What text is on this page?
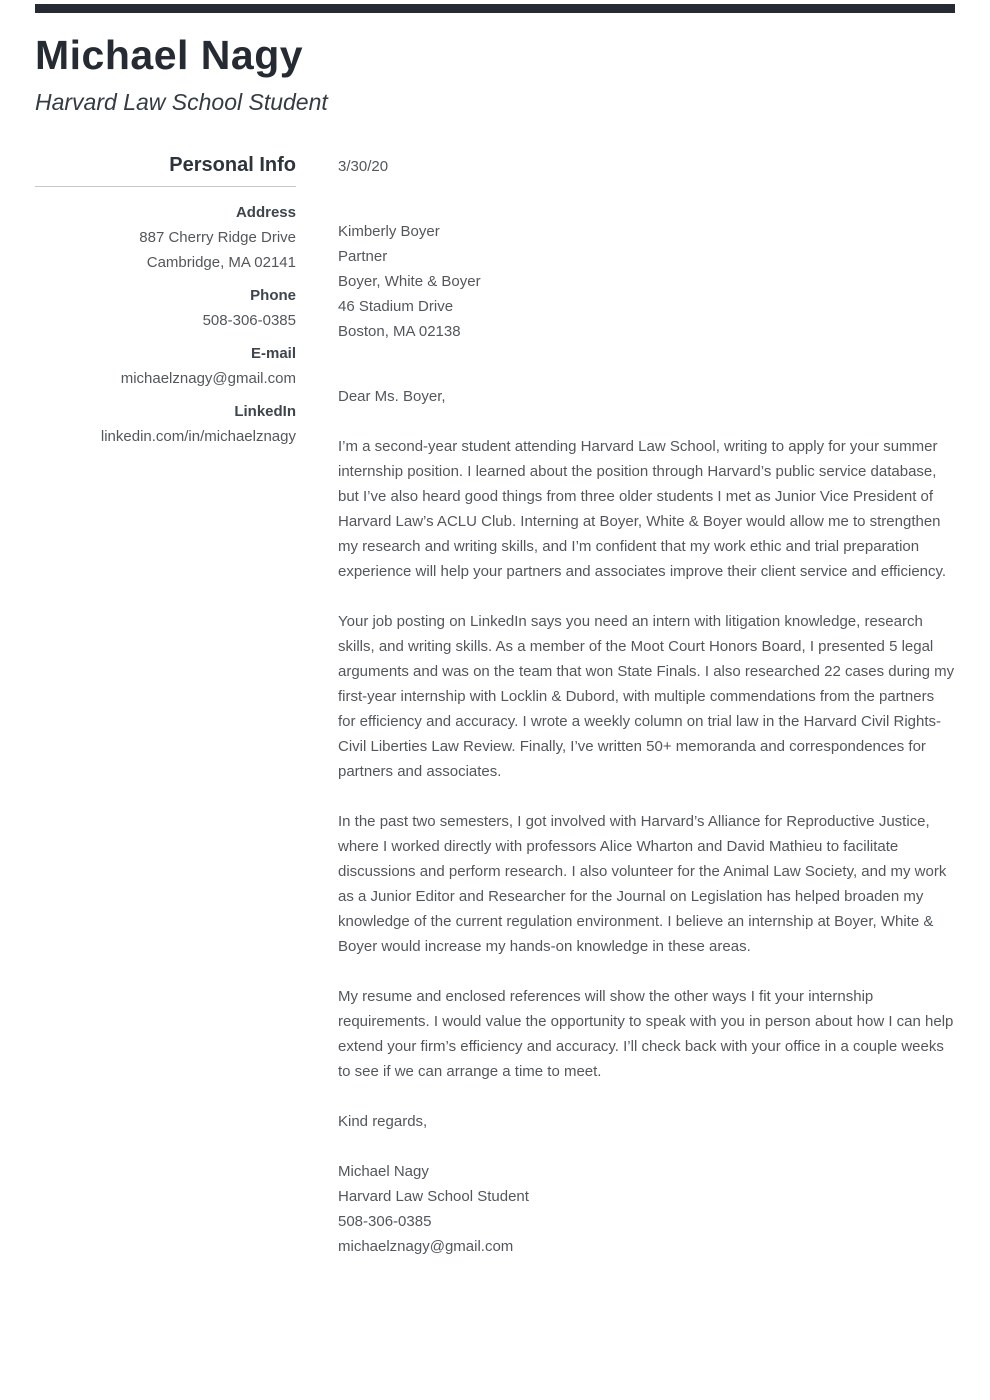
Michael Nagy
Harvard Law School Student
Personal Info
Address
887 Cherry Ridge Drive
Cambridge, MA 02141
Phone
508-306-0385
E-mail
michaelznagy@gmail.com
LinkedIn
linkedin.com/in/michaelznagy
3/30/20
Kimberly Boyer
Partner
Boyer, White & Boyer
46 Stadium Drive
Boston, MA 02138
Dear Ms. Boyer,

I’m a second-year student attending Harvard Law School, writing to apply for your summer internship position. I learned about the position through Harvard’s public service database, but I’ve also heard good things from three older students I met as Junior Vice President of Harvard Law’s ACLU Club. Interning at Boyer, White & Boyer would allow me to strengthen my research and writing skills, and I’m confident that my work ethic and trial preparation experience will help your partners and associates improve their client service and efficiency.

Your job posting on LinkedIn says you need an intern with litigation knowledge, research skills, and writing skills. As a member of the Moot Court Honors Board, I presented 5 legal arguments and was on the team that won State Finals. I also researched 22 cases during my first-year internship with Locklin & Dubord, with multiple commendations from the partners for efficiency and accuracy. I wrote a weekly column on trial law in the Harvard Civil Rights-Civil Liberties Law Review. Finally, I’ve written 50+ memoranda and correspondences for partners and associates.

In the past two semesters, I got involved with Harvard’s Alliance for Reproductive Justice, where I worked directly with professors Alice Wharton and David Mathieu to facilitate discussions and perform research. I also volunteer for the Animal Law Society, and my work as a Junior Editor and Researcher for the Journal on Legislation has helped broaden my knowledge of the current regulation environment. I believe an internship at Boyer, White & Boyer would increase my hands-on knowledge in these areas.

My resume and enclosed references will show the other ways I fit your internship requirements. I would value the opportunity to speak with you in person about how I can help extend your firm’s efficiency and accuracy. I’ll check back with your office in a couple weeks to see if we can arrange a time to meet.

Kind regards,
Michael Nagy
Harvard Law School Student
508-306-0385
michaelznagy@gmail.com
